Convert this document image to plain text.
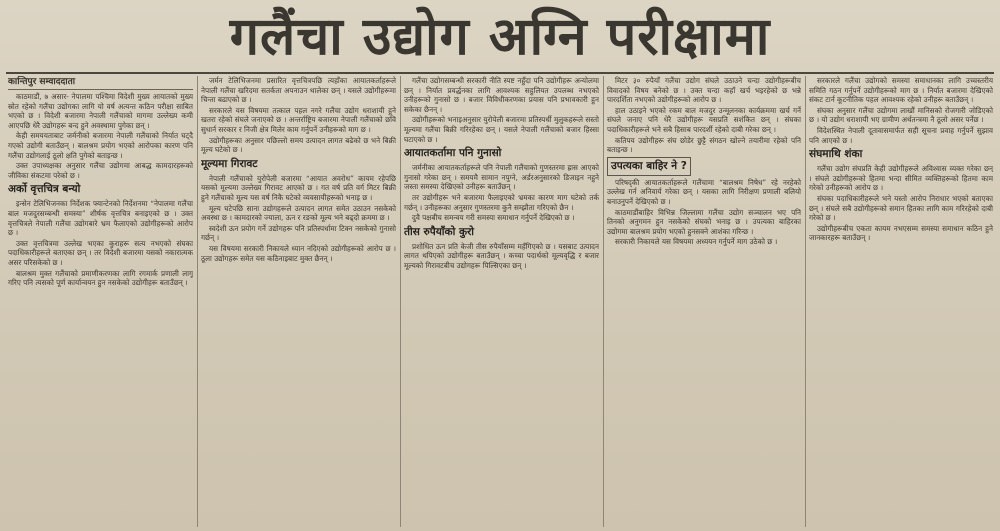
गलैंचा उद्योग अग्नि परीक्षामा
कान्तिपुर सम्वाददाता

काठमाडौं, ७ असार- नेपालमा पश्चिमा विदेशी मुख्य आयातको मुख्य स्रोत रहेको गलैंचा उद्योगका लागि यो वर्ष अत्यन्त कठिन परीक्षा साबित भएको छ । विदेशी बजारमा नेपाली गलैंचाको मागमा उल्लेख्य कमी आएपछि धेरै उद्योगहरू बन्द हुने अवस्थामा पुगेका छन् ।

केही समययताबाट जर्मनीको बजारमा नेपाली गलैंचाको निर्यात घट्दै गएको उद्योगी बताउँछन् । बालश्रम प्रयोग भएको आरोपका कारण पनि गलैंचा उद्योगलाई ठूलो क्षति पुगेको बताइन्छ ।

उक्त उपाध्यक्षका अनुसार गलैंचा उद्योगमा आबद्ध कामदारहरूको जीविका संकटमा परेको छ ।

अर्को वृत्तचित्र बन्यो

इन्सेन टेलिभिजनका निर्देशक फ्यान्टेनको निर्देशनमा “नेपालमा गलैंचा बाल मजदुरसम्बन्धी समस्या” शीर्षक वृत्तचित्र बनाइएको छ । उक्त वृत्तचित्रले नेपाली गलैंचा उद्योगबारे भ्रम फैलाएको उद्योगीहरूको आरोप छ ।

उक्त वृत्तचित्रमा उल्लेख भएका कुराहरू सत्य नभएको संघका पदाधिकारीहरूले बताएका छन् । तर विदेशी बजारमा यसको नकारात्मक असर परिसकेको छ ।

बालश्रम मुक्त गलैंचाको प्रमाणीकरणका लागि रगमार्क प्रणाली लागू गरिए पनि त्यसको पूर्ण कार्यान्वयन हुन नसकेको उद्योगीहरू बताउँछन् ।

जर्मन टेलिभिजनमा प्रसारित वृत्तचित्रपछि त्यहाँका आयातकर्ताहरूले नेपाली गलैंचा खरिदमा सतर्कता अपनाउन थालेका छन् । यसले उद्योगीहरूमा चिन्ता बढाएको छ ।

सरकारले यस विषयमा तत्काल पहल नगरे गलैंचा उद्योग धराशायी हुने खतरा रहेको संघले जनाएको छ । अन्तर्राष्ट्रिय बजारमा नेपाली गलैंचाको छवि सुधार्न सरकार र निजी क्षेत्र मिलेर काम गर्नुपर्ने उनीहरूको माग छ ।

उद्योगीहरूका अनुसार पछिल्लो समय उत्पादन लागत बढेको छ भने बिक्री मूल्य घटेको छ ।

मूल्यमा गिरावट

नेपाली गलैंचाको युरोपेली बजारमा “आयात अवरोध” कायम रहेपछि यसको मूल्यमा उल्लेख्य गिरावट आएको छ । गत वर्ष प्रति वर्ग मिटर बिक्री हुने गलैंचाको मूल्य यस वर्ष निकै घटेको व्यवसायीहरूको भनाइ छ ।

मूल्य घटेपछि साना उद्योगहरूले उत्पादन लागत समेत उठाउन नसकेको अवस्था छ । कामदारको ज्याला, ऊन र रङको मूल्य भने बढ्दो क्रममा छ ।

स्वदेशी ऊन प्रयोग गर्ने उद्योगहरू पनि प्रतिस्पर्धामा टिक्न नसकेको गुनासो गर्छन् ।

यस विषयमा सरकारी निकायले ध्यान नदिएको उद्योगीहरूको आरोप छ । ठूला उद्योगहरू समेत यस कठिनाइबाट मुक्त छैनन् ।

गलैंचा उद्योगसम्बन्धी सरकारी नीति स्पष्ट नहुँदा पनि उद्योगीहरू अन्योलमा छन् । निर्यात प्रवर्द्धनका लागि आवश्यक सहुलियत उपलब्ध नभएको उनीहरूको गुनासो छ । बजार विविधीकरणका प्रयास पनि प्रभावकारी हुन सकेका छैनन् ।

उद्योगीहरूको भनाइअनुसार युरोपेली बजारमा प्रतिस्पर्धी मुलुकहरूले सस्तो मूल्यमा गलैंचा बिक्री गरिरहेका छन् । यसले नेपाली गलैंचाको बजार हिस्सा घटाएको छ ।

आयातकर्तामा पनि गुनासो

जर्मनीका आयातकर्ताहरूले पनि नेपाली गलैंचाको गुणस्तरमा ह्रास आएको गुनासो गरेका छन् । समयमै सामान नपुग्ने, अर्डरअनुसारको डिजाइन नहुने जस्ता समस्या देखिएको उनीहरू बताउँछन् ।

तर उद्योगीहरू भने बजारमा फैलाइएको भ्रमका कारण माग घटेको तर्क गर्छन् । उनीहरूका अनुसार गुणस्तरमा कुनै सम्झौता गरिएको छैन ।

दुवै पक्षबीच समन्वय गरी समस्या समाधान गर्नुपर्ने देखिएको छ ।

तीस रुपैयाँको कुरो

प्रशोधित ऊन प्रति केजी तीस रुपैयाँसम्म महँगिएको छ । यसबाट उत्पादन लागत थपिएको उद्योगीहरू बताउँछन् । कच्चा पदार्थको मूल्यवृद्धि र बजार मूल्यको गिरावटबीच उद्योगहरू पिल्सिएका छन् ।

मिटर ३० रुपैयाँ गलैंचा उद्योग संघले उठाउने चन्दा उद्योगीहरूबीच विवादको विषय बनेको छ । उक्त चन्दा कहाँ खर्च भइरहेको छ भन्ने पारदर्शिता नभएको उद्योगीहरूको आरोप छ ।

हाल उठाइने भएको रकम बाल मजदुर उन्मूलनका कार्यक्रममा खर्च गर्ने संघले जनाए पनि धेरै उद्योगीहरू यसप्रति सशंकित छन् । संघका पदाधिकारीहरूले भने सबै हिसाब पारदर्शी रहेको दाबी गरेका छन् ।

कतिपय उद्योगीहरू संघ छोडेर छुट्टै संगठन खोल्ने तयारीमा रहेको पनि बताइन्छ ।

उपत्यका बाहिर ने ?

परिषद्‌की आयातकर्ताहरूले गलैंचामा “बालश्रम निषेध” रहे नरहेको उल्लेख गर्न अनिवार्य गरेका छन् । यसका लागि निरीक्षण प्रणाली बलियो बनाउनुपर्ने देखिएको छ ।

काठमाडौंबाहिर विभिन्न जिल्लामा गलैंचा उद्योग सञ्चालन भए पनि तिनको अनुगमन हुन नसकेको संघको भनाइ छ । उपत्यका बाहिरका उद्योगमा बालश्रम प्रयोग भएको हुनसक्ने आशंका गरिन्छ ।

सरकारी निकायले यस विषयमा अध्ययन गर्नुपर्ने माग उठेको छ ।

सरकारले गलैंचा उद्योगको समस्या समाधानका लागि उच्चस्तरीय समिति गठन गर्नुपर्ने उद्योगीहरूको माग छ । निर्यात बजारमा देखिएको संकट टार्न कूटनीतिक पहल आवश्यक रहेको उनीहरू बताउँछन् ।

संघका अनुसार गलैंचा उद्योगमा लाखौं मानिसको रोजगारी जोडिएको छ । यो उद्योग धराशायी भए ग्रामीण अर्थतन्त्रमा नै ठूलो असर पर्नेछ ।

विदेशस्थित नेपाली दूतावासमार्फत सही सूचना प्रवाह गर्नुपर्ने सुझाव पनि आएको छ ।

संघमाथि शंका

गलैंचा उद्योग संघप्रति केही उद्योगीहरूले अविश्वास व्यक्त गरेका छन् । संघले उद्योगीहरूको हितमा भन्दा सीमित व्यक्तिहरूको हितमा काम गरेको उनीहरूको आरोप छ ।

संघका पदाधिकारीहरूले भने यस्तो आरोप निराधार भएको बताएका छन् । संघले सबै उद्योगीहरूको समान हितका लागि काम गरिरहेको दाबी गरेको छ ।

उद्योगीहरूबीच एकता कायम नभएसम्म समस्या समाधान कठिन हुने जानकारहरू बताउँछन् ।
